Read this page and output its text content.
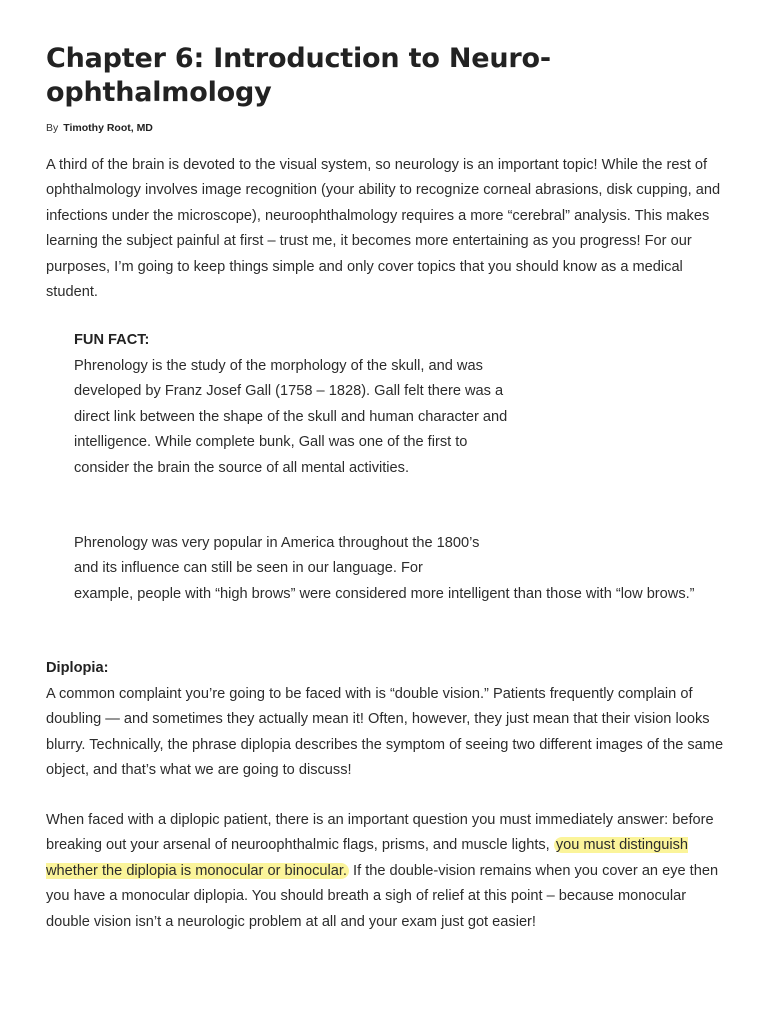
Chapter 6: Introduction to Neuro-ophthalmology
By Timothy Root, MD

A third of the brain is devoted to the visual system, so neurology is an important topic! While the rest of ophthalmology involves image recognition (your ability to recognize corneal abrasions, disk cupping, and infections under the microscope), neuroophthalmology requires a more “cerebral” analysis. This makes learning the subject painful at first – trust me, it becomes more entertaining as you progress! For our purposes, I’m going to keep things simple and only cover topics that you should know as a medical student.

FUN FACT:

Phrenology is the study of the morphology of the skull, and was developed by Franz Josef Gall (1758 – 1828). Gall felt there was a direct link between the shape of the skull and human character and intelligence. While complete bunk, Gall was one of the first to consider the brain the source of all mental activities.

Phrenology was very popular in America throughout the 1800’s
and its influence can still be seen in our language. For
example, people with “high brows” were considered more intelligent than those with “low brows.”

Diplopia:

A common complaint you’re going to be faced with is “double vision.” Patients frequently complain of doubling — and sometimes they actually mean it! Often, however, they just mean that their vision looks blurry. Technically, the phrase diplopia describes the symptom of seeing two different images of the same object, and that’s what we are going to discuss!

When faced with a diplopic patient, there is an important question you must immediately answer: before breaking out your arsenal of neuroophthalmic flags, prisms, and muscle lights, you must distinguish whether the diplopia is monocular or binocular. If the double-vision remains when you cover an eye then you have a monocular diplopia. You should breath a sigh of relief at this point – because monocular double vision isn’t a neurologic problem at all and your exam just got easier!
